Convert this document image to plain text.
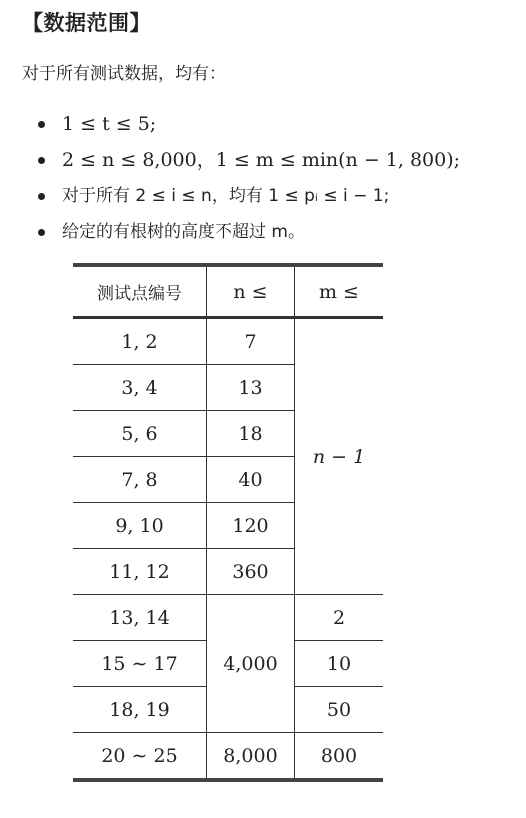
【数据范围】
对于所有测试数据，均有：
1 ≤ t ≤ 5;
2 ≤ n ≤ 8,000，1 ≤ m ≤ min(n − 1, 800);
对于所有 2 ≤ i ≤ n，均有 1 ≤ pᵢ ≤ i − 1;
给定的有根树的高度不超过 m。
测试点编号	n ≤	m ≤
1, 2	7	n − 1
3, 4	13	
5, 6	18	
7, 8	40	
9, 10	120	
11, 12	360	
13, 14	4,000	2
15 ∼ 17		10
18, 19		50
20 ∼ 25	8,000	800
